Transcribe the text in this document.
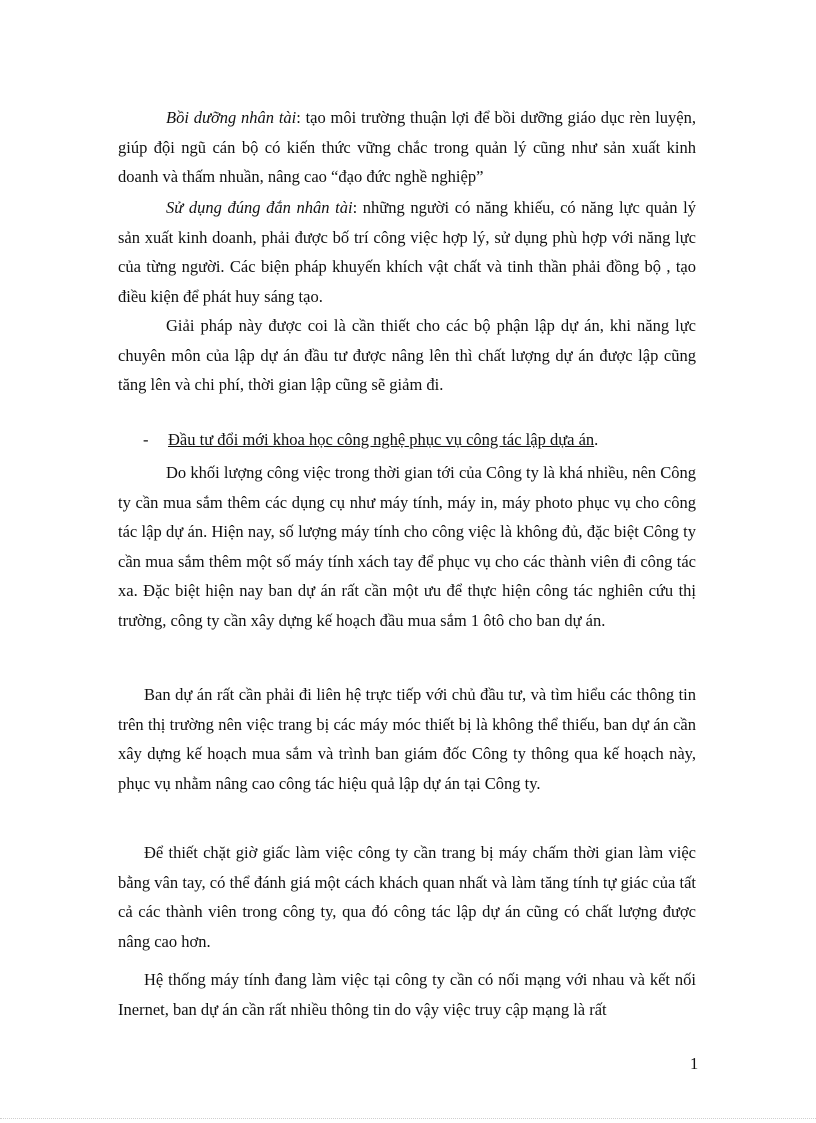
Bồi dưỡng nhân tài: tạo môi trường thuận lợi để bồi dưỡng giáo dục rèn luyện, giúp đội ngũ cán bộ có kiến thức vững chắc trong quản lý cũng như sản xuất kinh doanh và thấm nhuần, nâng cao “đạo đức nghề nghiệp”

Sử dụng đúng đắn nhân tài: những người có năng khiếu, có năng lực quản lý sản xuất kinh doanh, phải được bố trí công việc hợp lý, sử dụng phù hợp với năng lực của từng người. Các biện pháp khuyến khích vật chất và tinh thần phải đồng bộ , tạo điều kiện để phát huy sáng tạo.

Giải pháp này được coi là cần thiết cho các bộ phận lập dự án, khi năng lực chuyên môn của lập dự án đầu tư được nâng lên thì chất lượng dự án được lập cũng tăng lên và chi phí, thời gian lập cũng sẽ giảm đi.

- Đầu tư đổi mới khoa học công nghệ phục vụ công tác lập dựa án.

Do khối lượng công việc trong thời gian tới của Công ty là khá nhiều, nên Công ty cần mua sắm thêm các dụng cụ như máy tính, máy in, máy photo phục vụ cho công tác lập dự án. Hiện nay, số lượng máy tính cho công việc là không đủ, đặc biệt Công ty cần mua sắm thêm một số máy tính xách tay để phục vụ cho các thành viên đi công tác xa. Đặc biệt hiện nay ban dự án rất cần một ưu để thực hiện công tác nghiên cứu thị trường, công ty cần xây dựng kế hoạch đầu mua sắm 1 ôtô cho ban dự án.

Ban dự án rất cần phải đi liên hệ trực tiếp với chủ đầu tư, và tìm hiểu các thông tin trên thị trường nên việc trang bị các máy móc thiết bị là không thể thiếu, ban dự án cần xây dựng kế hoạch mua sắm và trình ban giám đốc Công ty thông qua kế hoạch này, phục vụ nhằm nâng cao công tác hiệu quả lập dự án tại Công ty.

Để thiết chặt giờ giấc làm việc công ty cần trang bị máy chấm thời gian làm việc bằng vân tay, có thể đánh giá một cách khách quan nhất và làm tăng tính tự giác của tất cả các thành viên trong công ty, qua đó công tác lập dự án cũng có chất lượng được nâng cao hơn.

Hệ thống máy tính đang làm việc tại công ty cần có nối mạng với nhau và kết nối Inernet, ban dự án cần rất nhiều thông tin do vậy việc truy cập mạng là rất

1
